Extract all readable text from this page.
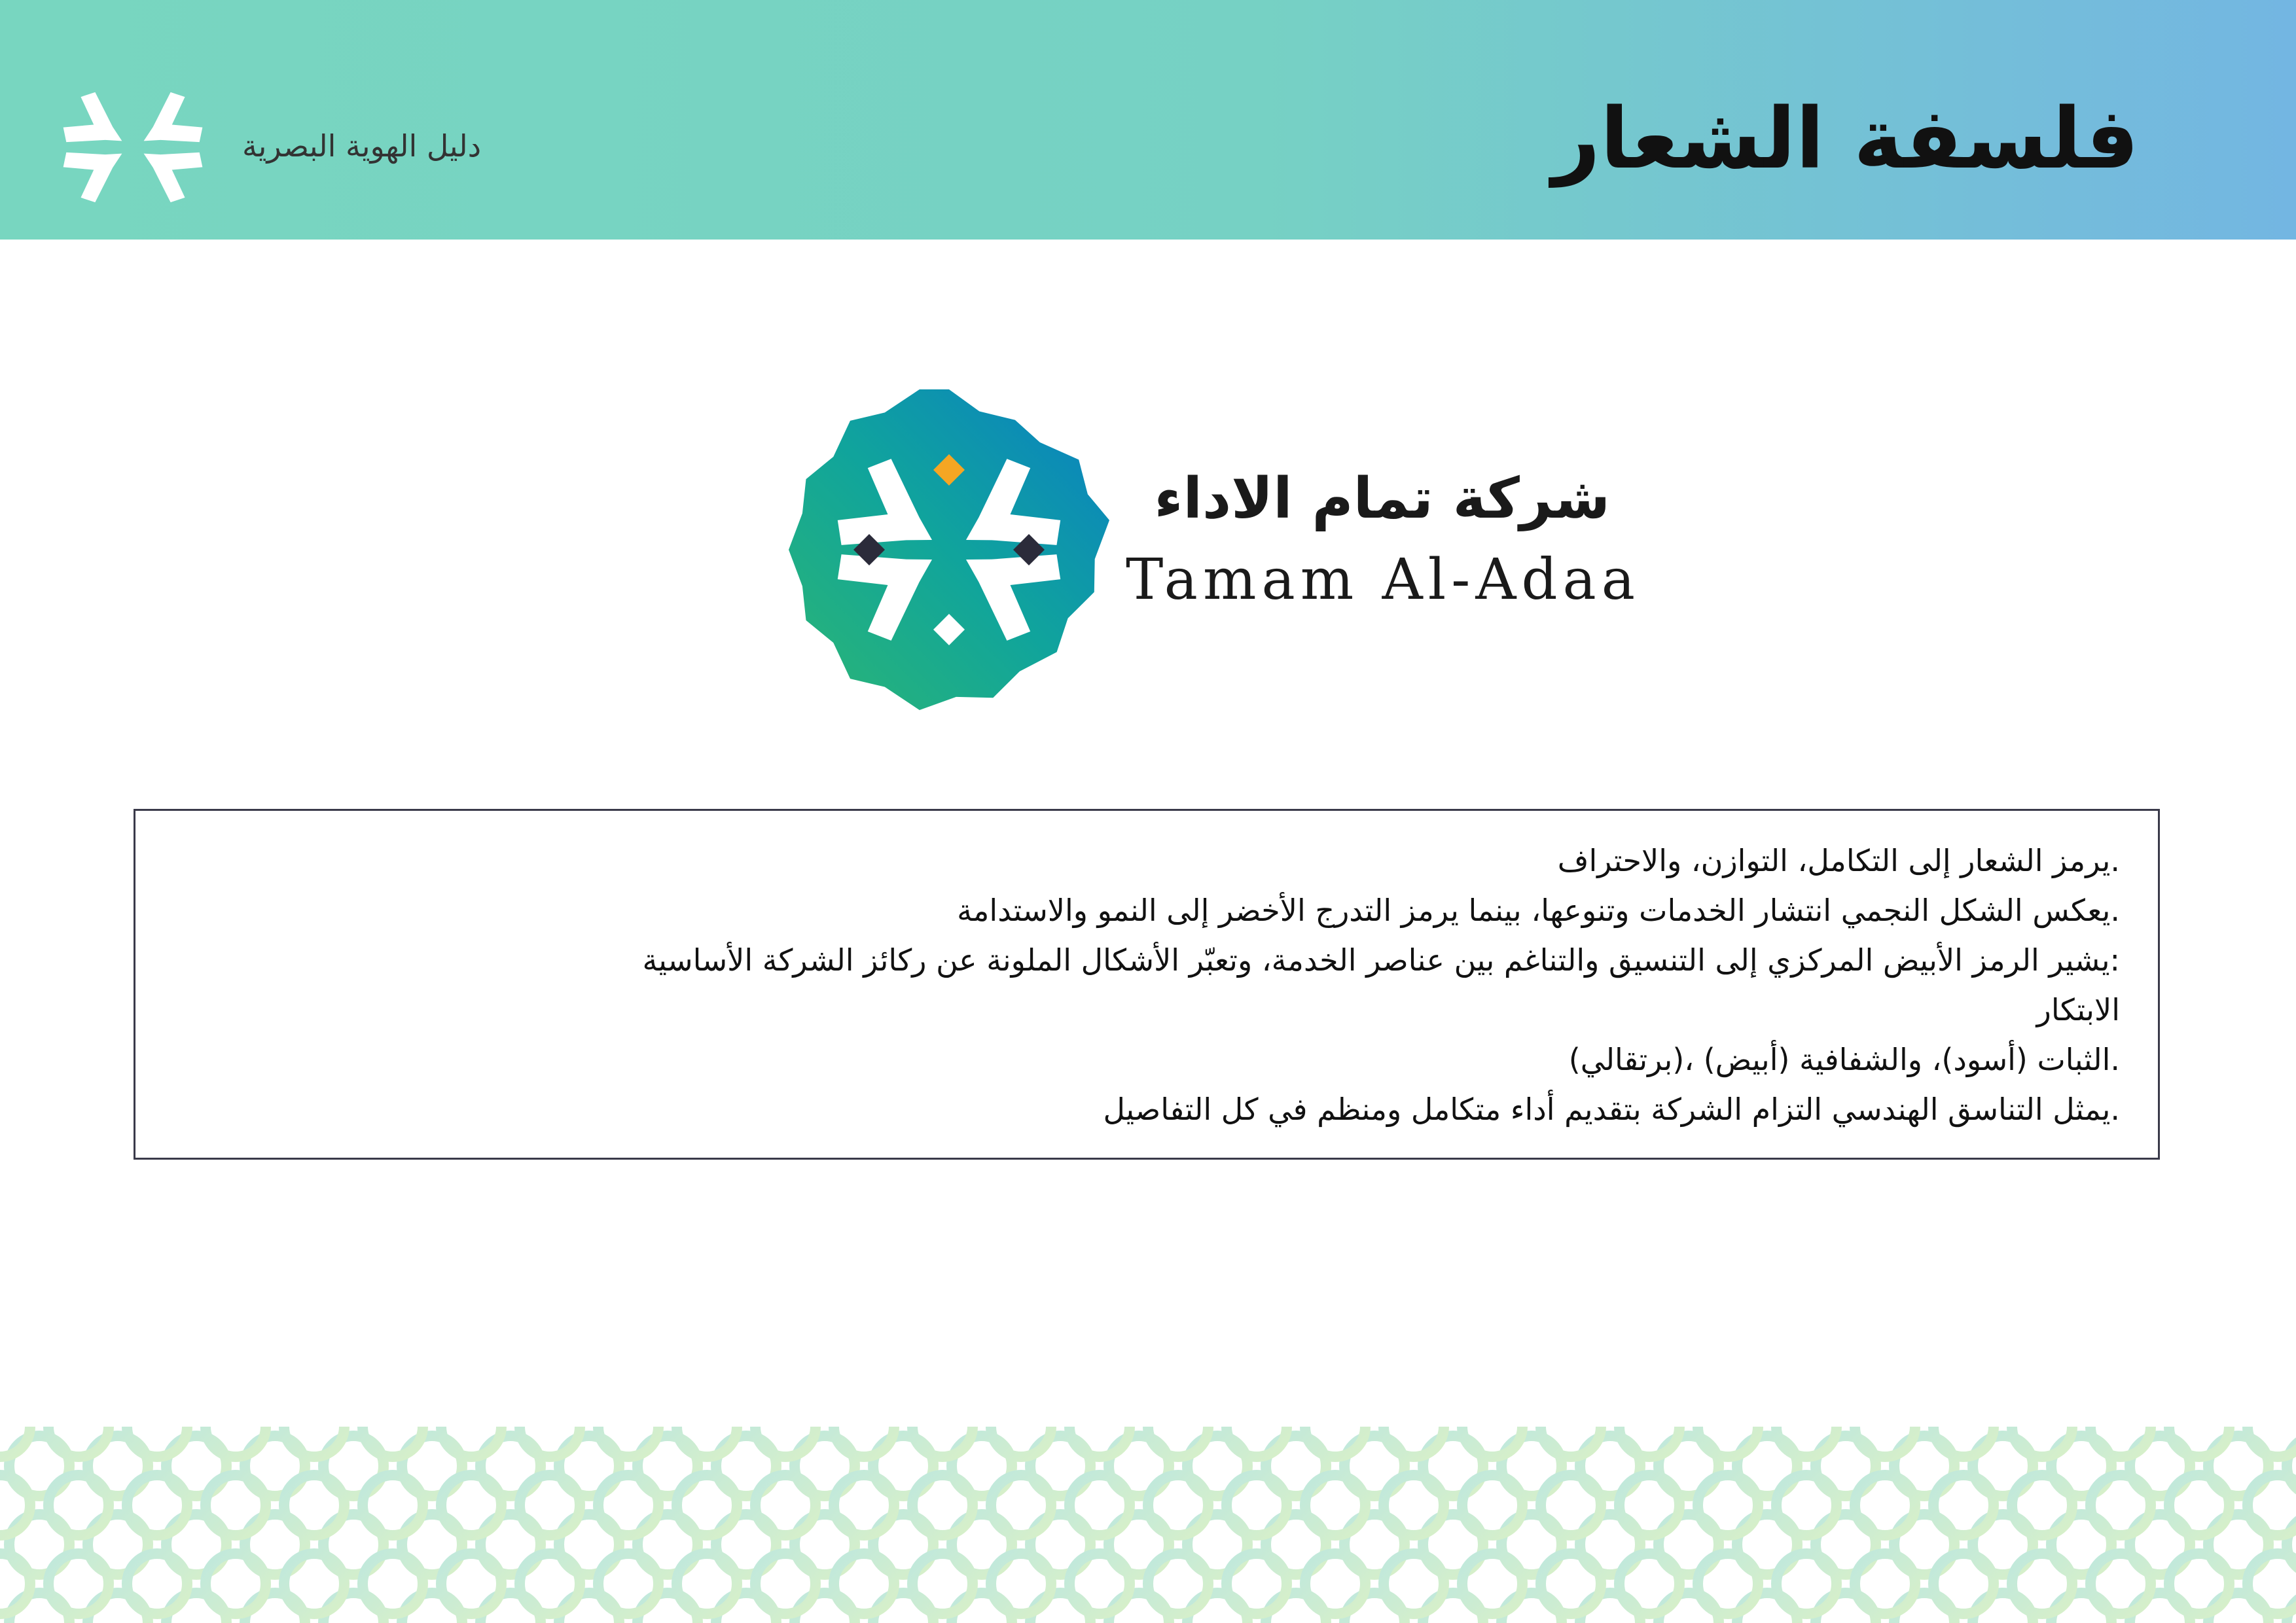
دليل الهوية البصرية	فلسفة الشعار
شركة تمام الاداء
Tamam Al-Adaa
.يرمز الشعار إلى التكامل، التوازن، والاحتراف
.يعكس الشكل النجمي انتشار الخدمات وتنوعها، بينما يرمز التدرج الأخضر إلى النمو والاستدامة
:يشير الرمز الأبيض المركزي إلى التنسيق والتناغم بين عناصر الخدمة، وتعبّر الأشكال الملونة عن ركائز الشركة الأساسية
الابتكار
.الثبات (أسود)، والشفافية (أبيض) ،(برتقالي)
.يمثل التناسق الهندسي التزام الشركة بتقديم أداء متكامل ومنظم في كل التفاصيل
